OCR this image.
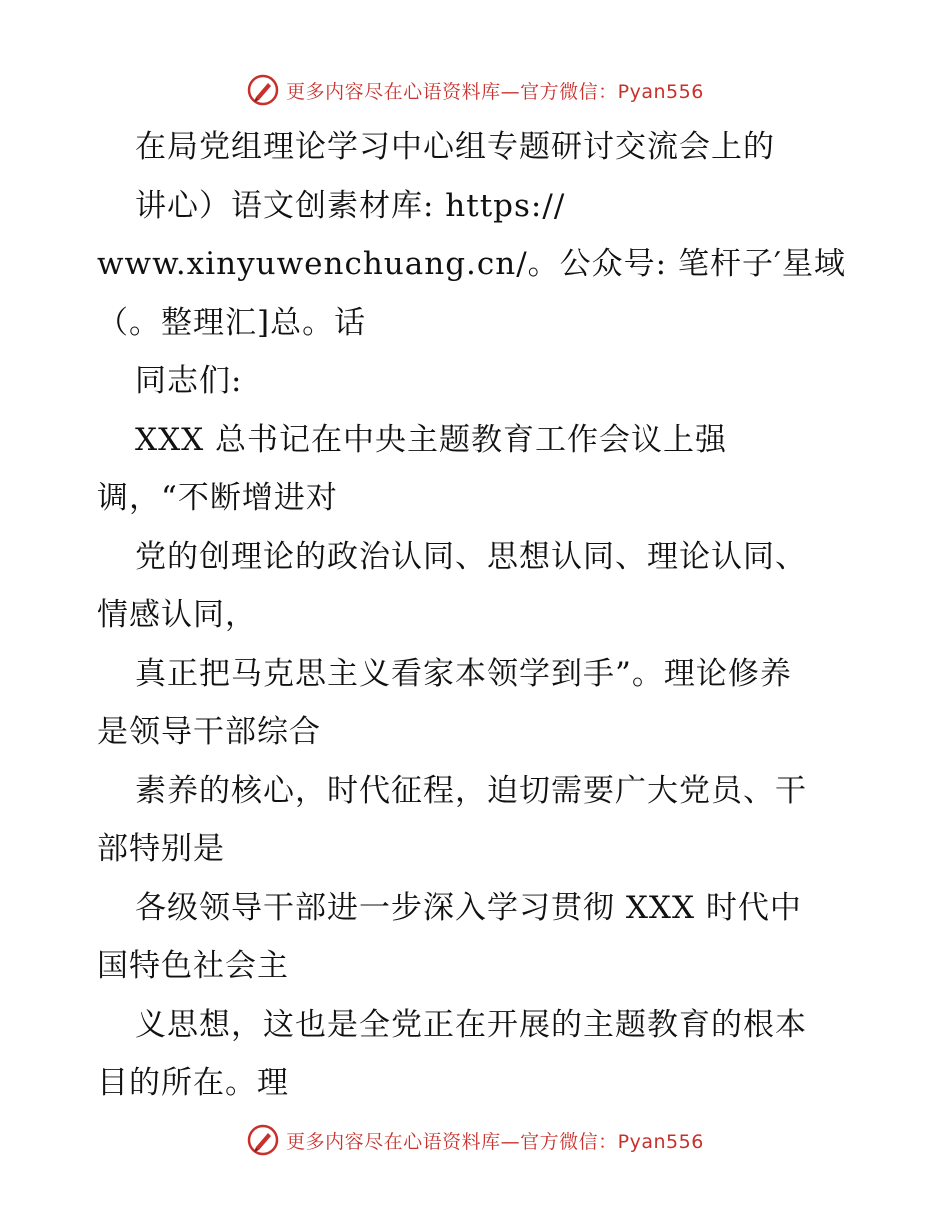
更多内容尽在心语资料库—官方微信：Pyan556
在局党组理论学习中心组专题研讨交流会上的
讲心）语文创素材库: https://
www.xinyuwenchuang.cn/。公众号: 笔杆子′星域
（。整理汇]总。话
同志们:
XXX 总书记在中央主题教育工作会议上强
调，“不断增进对
党的创理论的政治认同、思想认同、理论认同、
情感认同，
真正把马克思主义看家本领学到手”。理论修养
是领导干部综合
素养的核心，时代征程，迫切需要广大党员、干
部特别是
各级领导干部进一步深入学习贯彻 XXX 时代中
国特色社会主
义思想，这也是全党正在开展的主题教育的根本
目的所在。理
更多内容尽在心语资料库—官方微信：Pyan556
